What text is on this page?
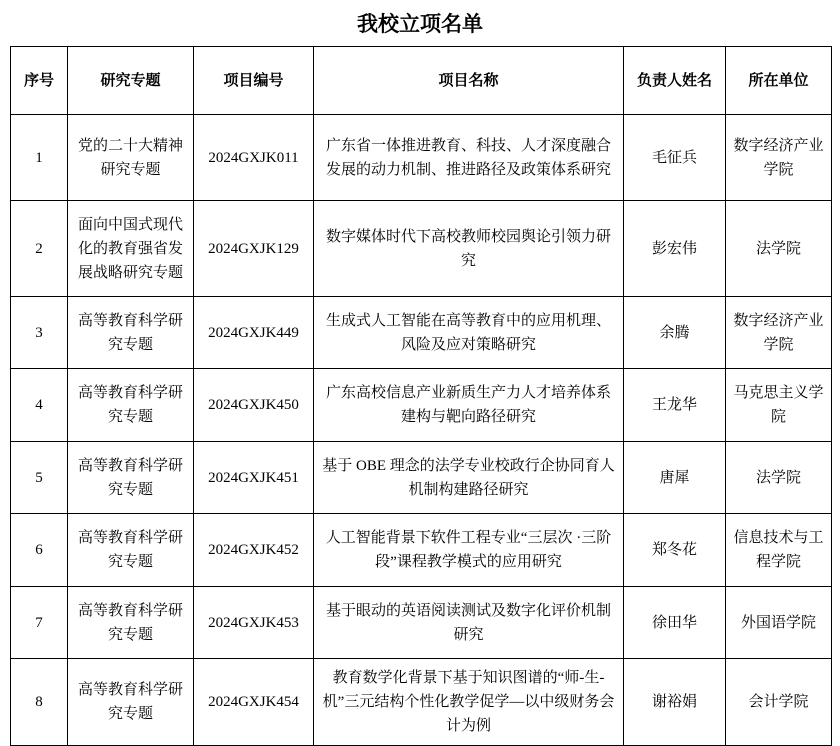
我校立项名单
序号	研究专题	项目编号	项目名称	负责人姓名	所在单位
1	党的二十大精神研究专题	2024GXJK011	广东省一体推进教育、科技、人才深度融合发展的动力机制、推进路径及政策体系研究	毛征兵	数字经济产业学院
2	面向中国式现代化的教育强省发展战略研究专题	2024GXJK129	数字媒体时代下高校教师校园舆论引领力研究	彭宏伟	法学院
3	高等教育科学研究专题	2024GXJK449	生成式人工智能在高等教育中的应用机理、风险及应对策略研究	余腾	数字经济产业学院
4	高等教育科学研究专题	2024GXJK450	广东高校信息产业新质生产力人才培养体系建构与靶向路径研究	王龙华	马克思主义学院
5	高等教育科学研究专题	2024GXJK451	基于 OBE 理念的法学专业校政行企协同育人机制构建路径研究	唐犀	法学院
6	高等教育科学研究专题	2024GXJK452	人工智能背景下软件工程专业“三层次 ·三阶段”课程教学模式的应用研究	郑冬花	信息技术与工程学院
7	高等教育科学研究专题	2024GXJK453	基于眼动的英语阅读测试及数字化评价机制研究	徐田华	外国语学院
8	高等教育科学研究专题	2024GXJK454	教育数学化背景下基于知识图谱的“师-生-机”三元结构个性化教学促学—以中级财务会计为例	谢裕娟	会计学院
